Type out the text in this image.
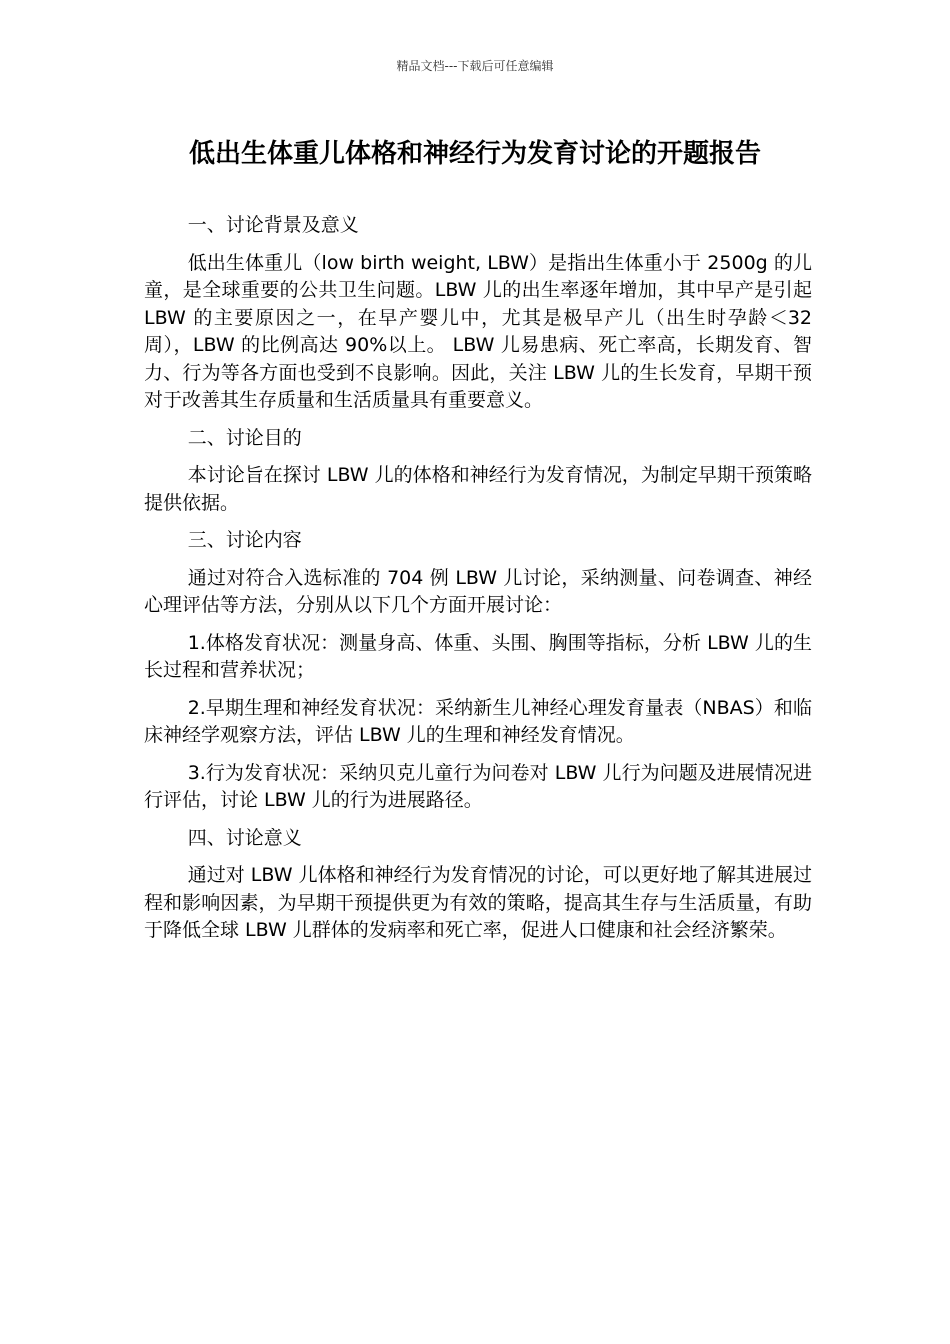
精品文档---下载后可任意编辑
低出生体重儿体格和神经行为发育讨论的开题报告

一、讨论背景及意义

低出生体重儿（low birth weight, LBW）是指出生体重小于 2500g 的儿童，是全球重要的公共卫生问题。LBW 儿的出生率逐年增加，其中早产是引起 LBW 的主要原因之一，在早产婴儿中，尤其是极早产儿（出生时孕龄＜32 周），LBW 的比例高达 90%以上。 LBW 儿易患病、死亡率高，长期发育、智力、行为等各方面也受到不良影响。因此，关注 LBW 儿的生长发育，早期干预对于改善其生存质量和生活质量具有重要意义。

二、讨论目的

本讨论旨在探讨 LBW 儿的体格和神经行为发育情况，为制定早期干预策略提供依据。

三、讨论内容

通过对符合入选标准的 704 例 LBW 儿讨论，采纳测量、问卷调查、神经心理评估等方法，分别从以下几个方面开展讨论：

1.体格发育状况：测量身高、体重、头围、胸围等指标，分析 LBW 儿的生长过程和营养状况；

2.早期生理和神经发育状况：采纳新生儿神经心理发育量表（NBAS）和临床神经学观察方法，评估 LBW 儿的生理和神经发育情况。

3.行为发育状况：采纳贝克儿童行为问卷对 LBW 儿行为问题及进展情况进行评估，讨论 LBW 儿的行为进展路径。

四、讨论意义

通过对 LBW 儿体格和神经行为发育情况的讨论，可以更好地了解其进展过程和影响因素，为早期干预提供更为有效的策略，提高其生存与生活质量，有助于降低全球 LBW 儿群体的发病率和死亡率，促进人口健康和社会经济繁荣。
